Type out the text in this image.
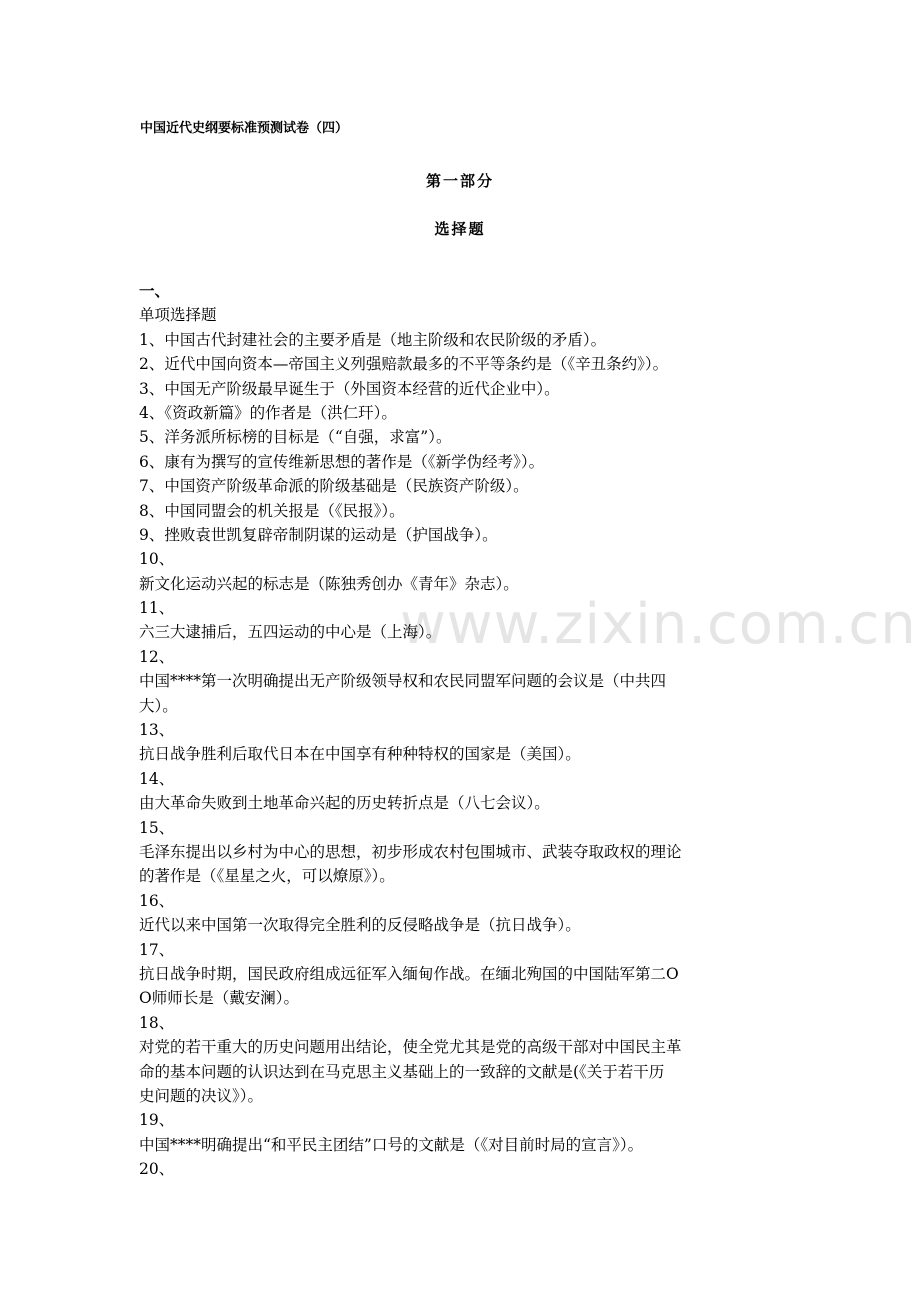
中国近代史纲要标准预测试卷（四）
第一部分
选择题
www.zixin.com.cn
一、
单项选择题
1、中国古代封建社会的主要矛盾是（地主阶级和农民阶级的矛盾）。
2、近代中国向资本—帝国主义列强赔款最多的不平等条约是（《辛丑条约》）。
3、中国无产阶级最早诞生于（外国资本经营的近代企业中）。
4、《资政新篇》的作者是（洪仁玕）。
5、洋务派所标榜的目标是（“自强，求富”）。
6、康有为撰写的宣传维新思想的著作是（《新学伪经考》）。
7、中国资产阶级革命派的阶级基础是（民族资产阶级）。
8、中国同盟会的机关报是（《民报》）。
9、挫败袁世凯复辟帝制阴谋的运动是（护国战争）。
10、
新文化运动兴起的标志是（陈独秀创办《青年》杂志）。
11、
六三大逮捕后，五四运动的中心是（上海）。
12、
中国****第一次明确提出无产阶级领导权和农民同盟军问题的会议是（中共四
大）。
13、
抗日战争胜利后取代日本在中国享有种种特权的国家是（美国）。
14、
由大革命失败到土地革命兴起的历史转折点是（八七会议）。
15、
毛泽东提出以乡村为中心的思想，初步形成农村包围城市、武装夺取政权的理论
的著作是（《星星之火，可以燎原》）。
16、
近代以来中国第一次取得完全胜利的反侵略战争是（抗日战争）。
17、
抗日战争时期，国民政府组成远征军入缅甸作战。在缅北殉国的中国陆军第二O
O师师长是（戴安澜）。
18、
对党的若干重大的历史问题用出结论，使全党尤其是党的高级干部对中国民主革
命的基本问题的认识达到在马克思主义基础上的一致辞的文献是(《关于若干历
史问题的决议》）。
19、
中国****明确提出“和平民主团结”口号的文献是（《对目前时局的宣言》）。
20、
